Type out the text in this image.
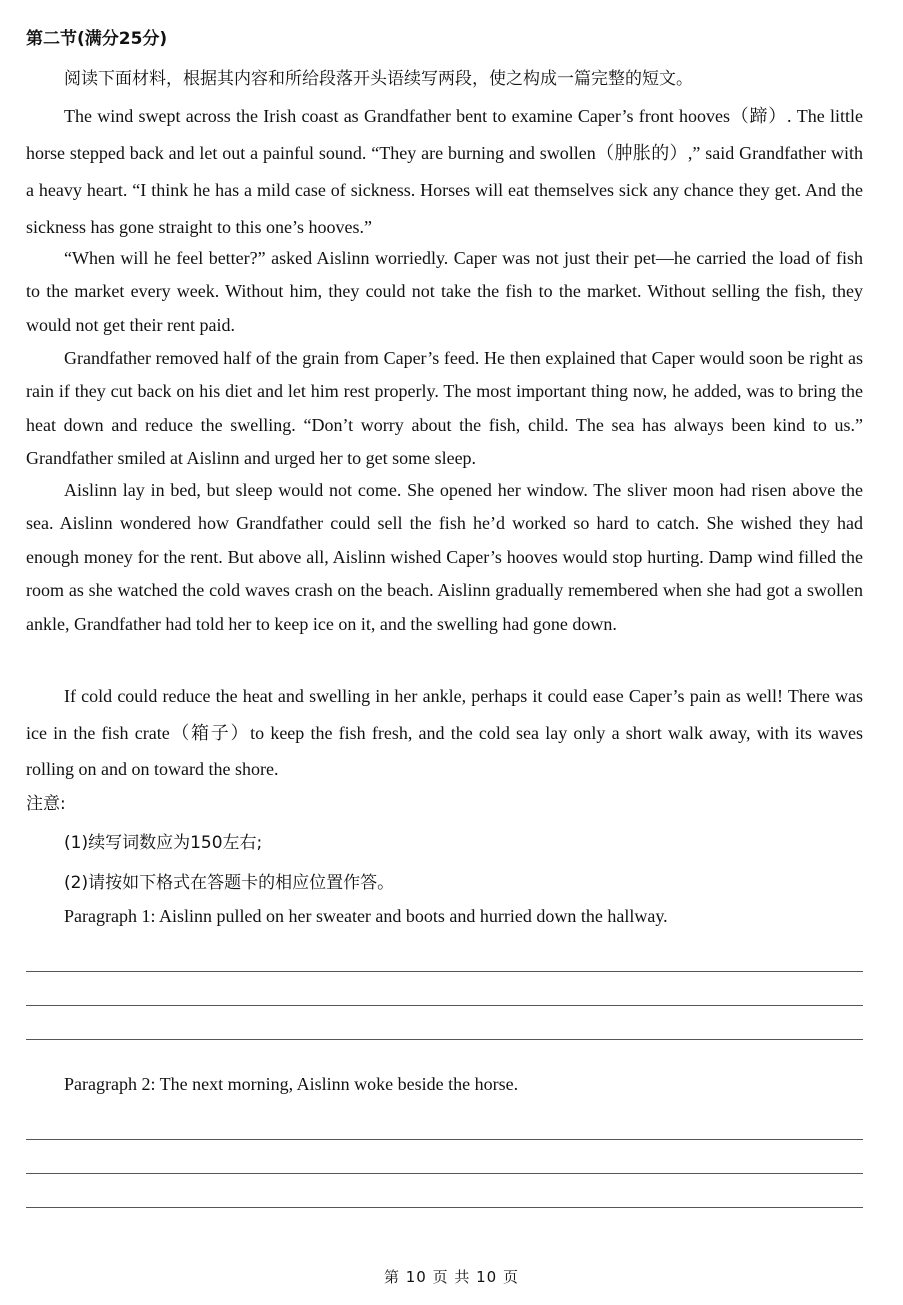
第二节(满分25分)
阅读下面材料，根据其内容和所给段落开头语续写两段，使之构成一篇完整的短文。

The wind swept across the Irish coast as Grandfather bent to examine Caper’s front hooves（蹄）. The little horse stepped back and let out a painful sound. “They are burning and swollen（肿胀的）,” said Grandfather with a heavy heart. “I think he has a mild case of sickness. Horses will eat themselves sick any chance they get. And the sickness has gone straight to this one’s hooves.”

“When will he feel better?” asked Aislinn worriedly. Caper was not just their pet—he carried the load of fish to the market every week. Without him, they could not take the fish to the market. Without selling the fish, they would not get their rent paid.

Grandfather removed half of the grain from Caper’s feed. He then explained that Caper would soon be right as rain if they cut back on his diet and let him rest properly. The most important thing now, he added, was to bring the heat down and reduce the swelling. “Don’t worry about the fish, child. The sea has always been kind to us.” Grandfather smiled at Aislinn and urged her to get some sleep.

Aislinn lay in bed, but sleep would not come. She opened her window. The sliver moon had risen above the sea. Aislinn wondered how Grandfather could sell the fish he’d worked so hard to catch. She wished they had enough money for the rent. But above all, Aislinn wished Caper’s hooves would stop hurting. Damp wind filled the room as she watched the cold waves crash on the beach. Aislinn gradually remembered when she had got a swollen ankle, Grandfather had told her to keep ice on it, and the swelling had gone down.

If cold could reduce the heat and swelling in her ankle, perhaps it could ease Caper’s pain as well! There was ice in the fish crate（箱子）to keep the fish fresh, and the cold sea lay only a short walk away, with its waves rolling on and on toward the shore.

注意:
(1)续写词数应为150左右;
(2)请按如下格式在答题卡的相应位置作答。
Paragraph 1: Aislinn pulled on her sweater and boots and hurried down the hallway.
Paragraph 2: The next morning, Aislinn woke beside the horse.
第 10 页 共 10 页
